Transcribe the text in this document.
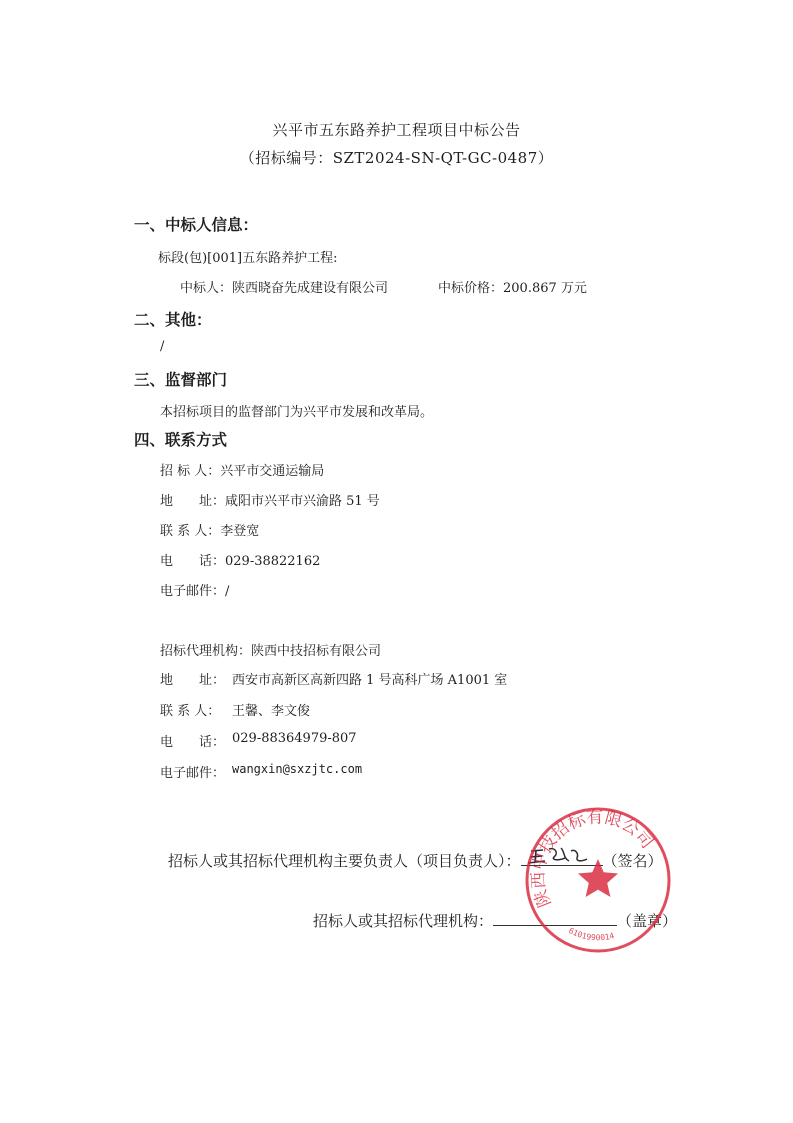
兴平市五东路养护工程项目中标公告
（招标编号：SZT2024-SN-QT-GC-0487）
一、中标人信息：
标段(包)[001]五东路养护工程:
中标人：陕西晓奋先成建设有限公司	中标价格：200.867 万元
二、其他：
/
三、监督部门
本招标项目的监督部门为兴平市发展和改革局。
四、联系方式
招 标 人：兴平市交通运输局
地　　址：咸阳市兴平市兴渝路 51 号
联 系 人：李登宽
电　　话：029-38822162
电子邮件：/
招标代理机构：陕西中技招标有限公司
地　　址： 西安市高新区高新四路 1 号高科广场 A1001 室
联 系 人： 王馨、李文俊
电　　话： 029-88364979-807
电子邮件： wangxin@sxzjtc.com
招标人或其招标代理机构主要负责人（项目负责人）：	（签名）
招标人或其招标代理机构：	（盖章）
陕西中技招标有限公司
6101990014
